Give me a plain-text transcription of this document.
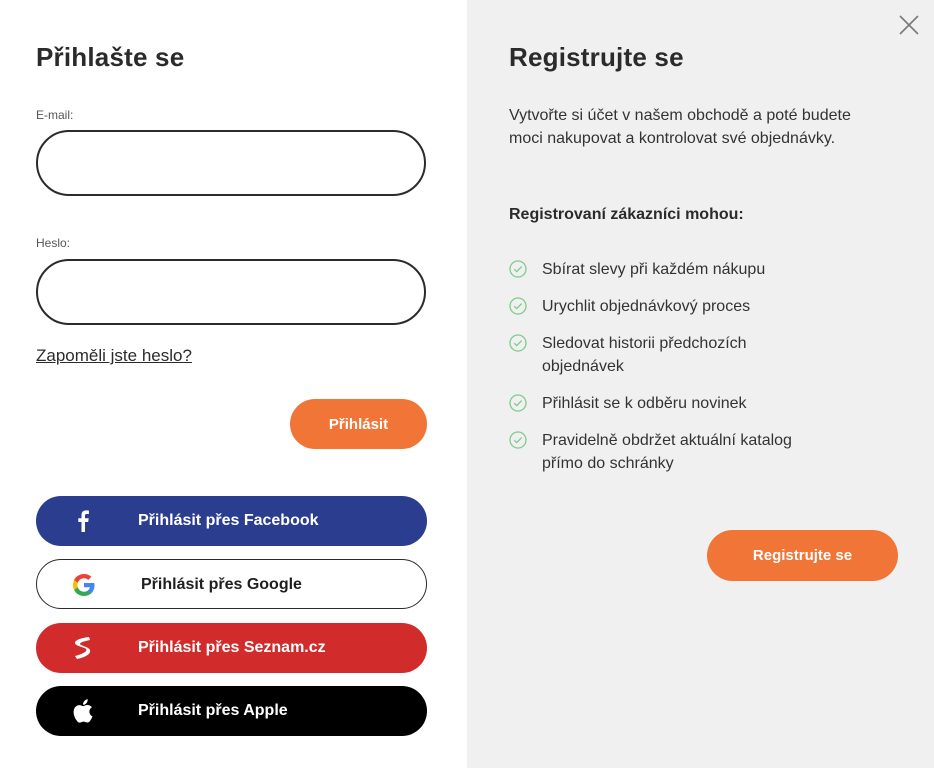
Přihlašte se
E-mail:
Heslo:
Zapoměli jste heslo?
Přihlásit
Přihlásit přes Facebook
Přihlásit přes Google
Přihlásit přes Seznam.cz
Přihlásit přes Apple
Registrujte se

Vytvořte si účet v našem obchodě a poté budete moci nakupovat a kontrolovat své objednávky.

Registrovaní zákazníci mohou:
Sbírat slevy při každém nákupu
Urychlit objednávkový proces
Sledovat historii předchozích objednávek
Přihlásit se k odběru novinek
Pravidelně obdržet aktuální katalog přímo do schránky
Registrujte se
